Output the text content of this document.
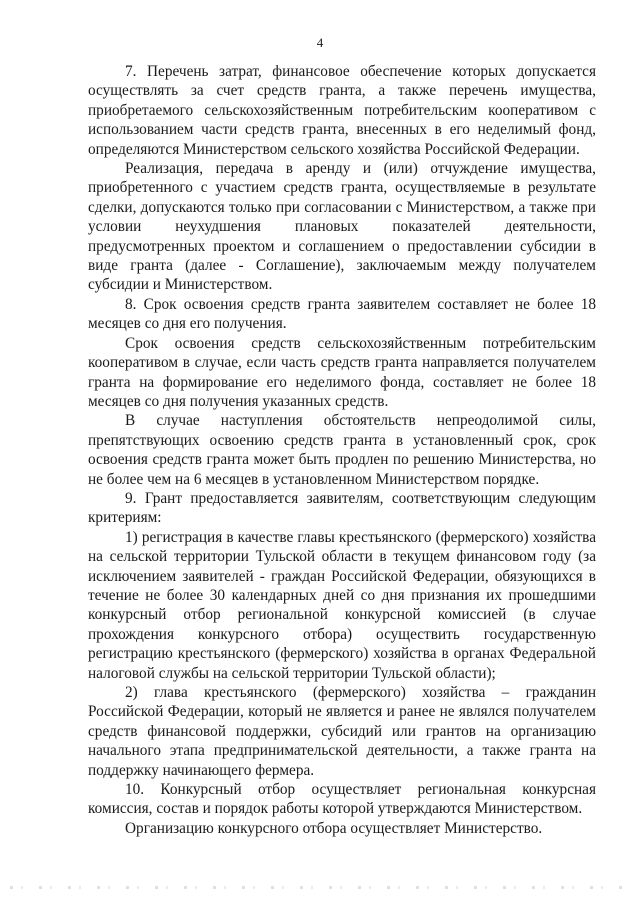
4

7. Перечень затрат, финансовое обеспечение которых допускается осуществлять за счет средств гранта, а также перечень имущества, приобретаемого сельскохозяйственным потребительским кооперативом с использованием части средств гранта, внесенных в его неделимый фонд, определяются Министерством сельского хозяйства Российской Федерации.

Реализация, передача в аренду и (или) отчуждение имущества, приобретенного с участием средств гранта, осуществляемые в результате сделки, допускаются только при согласовании с Министерством, а также при условии неухудшения плановых показателей деятельности, предусмотренных проектом и соглашением о предоставлении субсидии в виде гранта (далее - Соглашение), заключаемым между получателем субсидии и Министерством.

8. Срок освоения средств гранта заявителем составляет не более 18 месяцев со дня его получения.

Срок освоения средств сельскохозяйственным потребительским кооперативом в случае, если часть средств гранта направляется получателем гранта на формирование его неделимого фонда, составляет не более 18 месяцев со дня получения указанных средств.

В случае наступления обстоятельств непреодолимой силы, препятствующих освоению средств гранта в установленный срок, срок освоения средств гранта может быть продлен по решению Министерства, но не более чем на 6 месяцев в установленном Министерством порядке.

9. Грант предоставляется заявителям, соответствующим следующим критериям:

1) регистрация в качестве главы крестьянского (фермерского) хозяйства на сельской территории Тульской области в текущем финансовом году (за исключением заявителей - граждан Российской Федерации, обязующихся в течение не более 30 календарных дней со дня признания их прошедшими конкурсный отбор региональной конкурсной комиссией (в случае прохождения конкурсного отбора) осуществить государственную регистрацию крестьянского (фермерского) хозяйства в органах Федеральной налоговой службы на сельской территории Тульской области);

2) глава крестьянского (фермерского) хозяйства – гражданин Российской Федерации, который не является и ранее не являлся получателем средств финансовой поддержки, субсидий или грантов на организацию начального этапа предпринимательской деятельности, а также гранта на поддержку начинающего фермера.

10. Конкурсный отбор осуществляет региональная конкурсная комиссия, состав и порядок работы которой утверждаются Министерством.

Организацию конкурсного отбора осуществляет Министерство.
